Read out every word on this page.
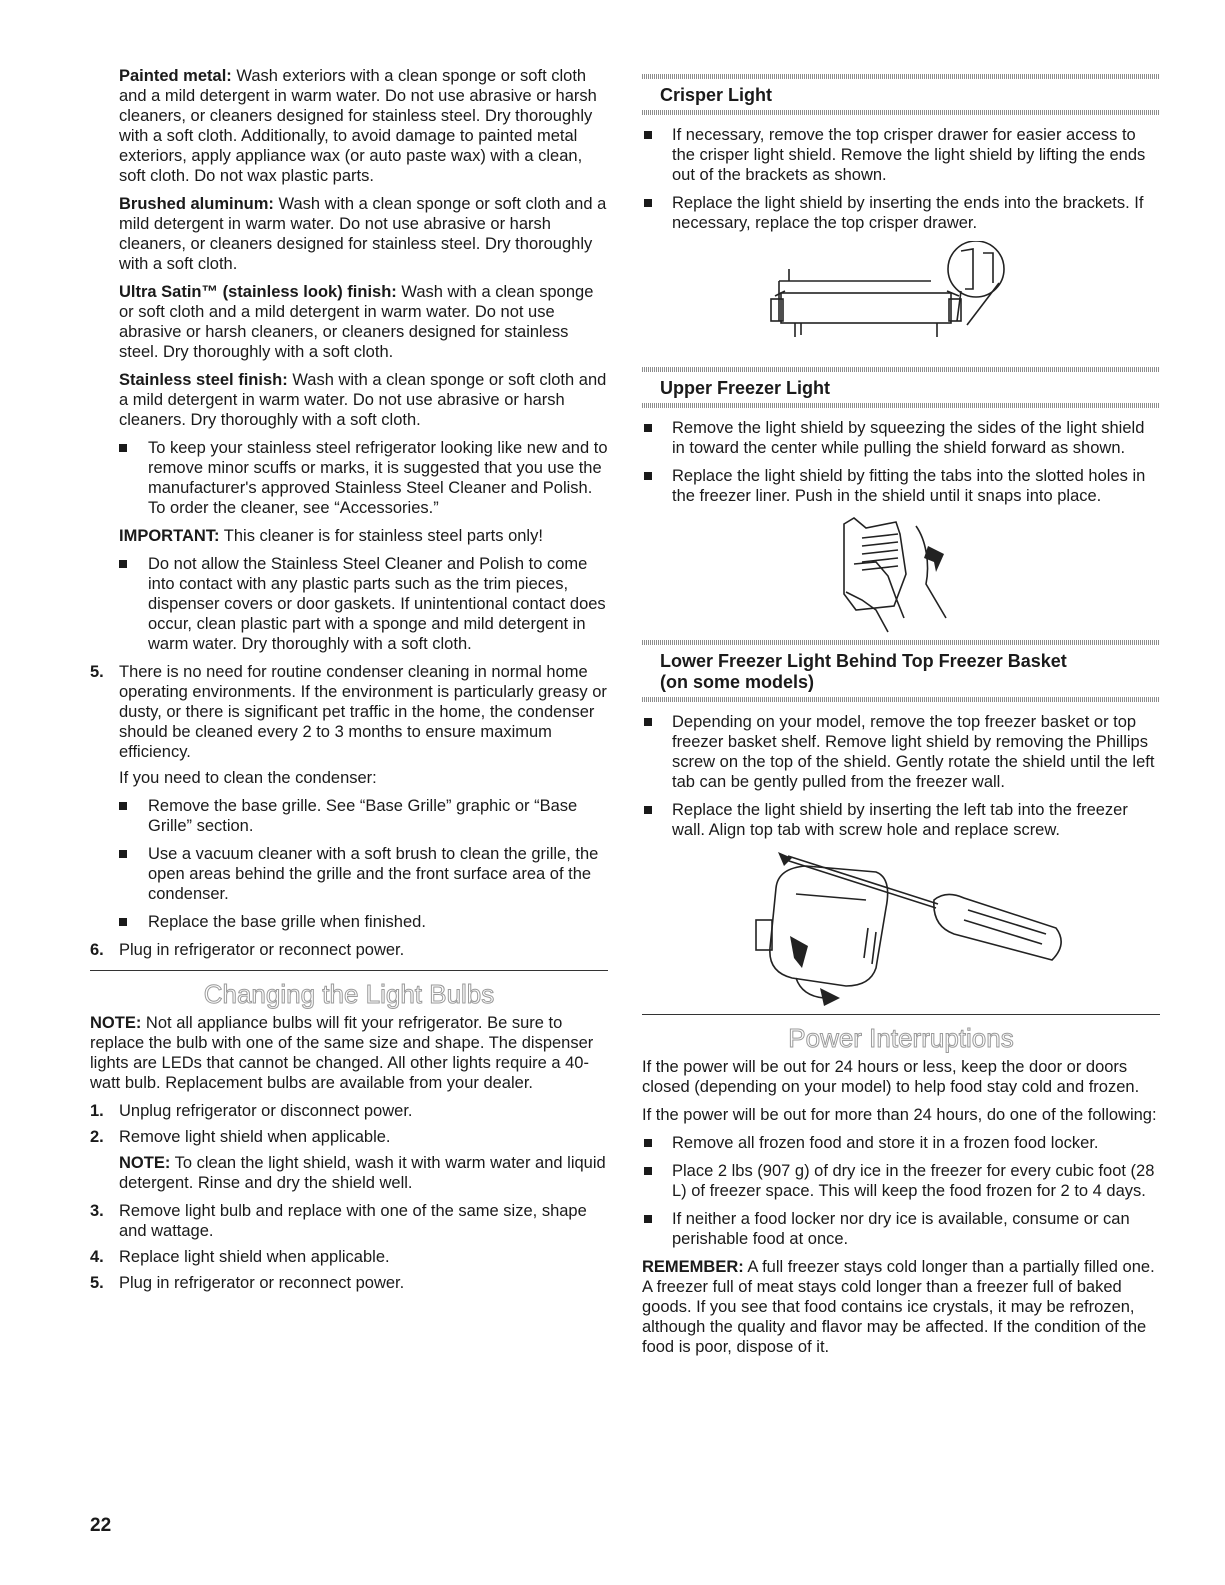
Painted metal: Wash exteriors with a clean sponge or soft cloth and a mild detergent in warm water. Do not use abrasive or harsh cleaners, or cleaners designed for stainless steel. Dry thoroughly with a soft cloth. Additionally, to avoid damage to painted metal exteriors, apply appliance wax (or auto paste wax) with a clean, soft cloth. Do not wax plastic parts.

Brushed aluminum: Wash with a clean sponge or soft cloth and a mild detergent in warm water. Do not use abrasive or harsh cleaners, or cleaners designed for stainless steel. Dry thoroughly with a soft cloth.

Ultra Satin™ (stainless look) finish: Wash with a clean sponge or soft cloth and a mild detergent in warm water. Do not use abrasive or harsh cleaners, or cleaners designed for stainless steel. Dry thoroughly with a soft cloth.

Stainless steel finish: Wash with a clean sponge or soft cloth and a mild detergent in warm water. Do not use abrasive or harsh cleaners. Dry thoroughly with a soft cloth.

To keep your stainless steel refrigerator looking like new and to remove minor scuffs or marks, it is suggested that you use the manufacturer's approved Stainless Steel Cleaner and Polish. To order the cleaner, see “Accessories.”

IMPORTANT: This cleaner is for stainless steel parts only!

Do not allow the Stainless Steel Cleaner and Polish to come into contact with any plastic parts such as the trim pieces, dispenser covers or door gaskets. If unintentional contact does occur, clean plastic part with a sponge and mild detergent in warm water. Dry thoroughly with a soft cloth.
5. There is no need for routine condenser cleaning in normal home operating environments. If the environment is particularly greasy or dusty, or there is significant pet traffic in the home, the condenser should be cleaned every 2 to 3 months to ensure maximum efficiency.

If you need to clean the condenser:

Remove the base grille. See “Base Grille” graphic or “Base Grille” section.
Use a vacuum cleaner with a soft brush to clean the grille, the open areas behind the grille and the front surface area of the condenser.
Replace the base grille when finished.
6. Plug in refrigerator or reconnect power.

Changing the Light Bulbs

NOTE: Not all appliance bulbs will fit your refrigerator. Be sure to replace the bulb with one of the same size and shape. The dispenser lights are LEDs that cannot be changed. All other lights require a 40-watt bulb. Replacement bulbs are available from your dealer.

1. Unplug refrigerator or disconnect power.
2. Remove light shield when applicable.

NOTE: To clean the light shield, wash it with warm water and liquid detergent. Rinse and dry the shield well.

3. Remove light bulb and replace with one of the same size, shape and wattage.
4. Replace light shield when applicable.
5. Plug in refrigerator or reconnect power.

Crisper Light

If necessary, remove the top crisper drawer for easier access to the crisper light shield. Remove the light shield by lifting the ends out of the brackets as shown.
Replace the light shield by inserting the ends into the brackets. If necessary, replace the top crisper drawer.

Upper Freezer Light

Remove the light shield by squeezing the sides of the light shield in toward the center while pulling the shield forward as shown.
Replace the light shield by fitting the tabs into the slotted holes in the freezer liner. Push in the shield until it snaps into place.

Lower Freezer Light Behind Top Freezer Basket

(on some models)

Depending on your model, remove the top freezer basket or top freezer basket shelf. Remove light shield by removing the Phillips screw on the top of the shield. Gently rotate the shield until the left tab can be gently pulled from the freezer wall.
Replace the light shield by inserting the left tab into the freezer wall. Align top tab with screw hole and replace screw.

Power Interruptions

If the power will be out for 24 hours or less, keep the door or doors closed (depending on your model) to help food stay cold and frozen.

If the power will be out for more than 24 hours, do one of the following:

Remove all frozen food and store it in a frozen food locker.
Place 2 lbs (907 g) of dry ice in the freezer for every cubic foot (28 L) of freezer space. This will keep the food frozen for 2 to 4 days.
If neither a food locker nor dry ice is available, consume or can perishable food at once.

REMEMBER: A full freezer stays cold longer than a partially filled one. A freezer full of meat stays cold longer than a freezer full of baked goods. If you see that food contains ice crystals, it may be refrozen, although the quality and flavor may be affected. If the condition of the food is poor, dispose of it.

22
